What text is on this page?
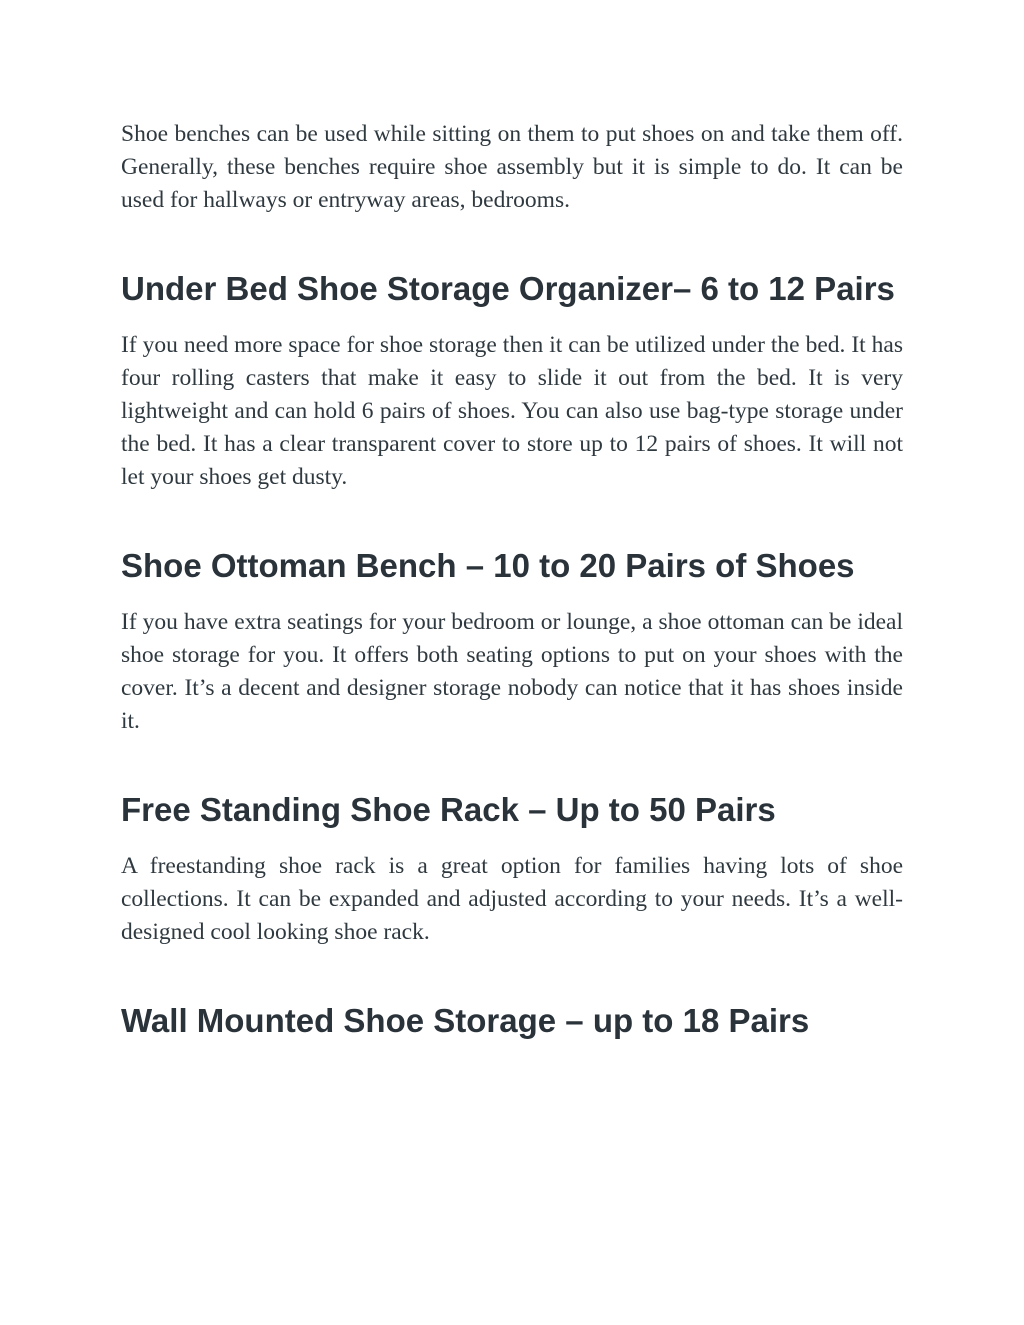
Shoe benches can be used while sitting on them to put shoes on and take them off. Generally, these benches require shoe assembly but it is simple to do. It can be used for hallways or entryway areas, bedrooms.

Under Bed Shoe Storage Organizer– 6 to 12 Pairs

If you need more space for shoe storage then it can be utilized under the bed. It has four rolling casters that make it easy to slide it out from the bed. It is very lightweight and can hold 6 pairs of shoes. You can also use bag-type storage under the bed. It has a clear transparent cover to store up to 12 pairs of shoes. It will not let your shoes get dusty.

Shoe Ottoman Bench – 10 to 20 Pairs of Shoes

If you have extra seatings for your bedroom or lounge, a shoe ottoman can be ideal shoe storage for you. It offers both seating options to put on your shoes with the cover. It’s a decent and designer storage nobody can notice that it has shoes inside it.

Free Standing Shoe Rack – Up to 50 Pairs

A freestanding shoe rack is a great option for families having lots of shoe collections. It can be expanded and adjusted according to your needs. It’s a well-designed cool looking shoe rack.

Wall Mounted Shoe Storage – up to 18 Pairs
